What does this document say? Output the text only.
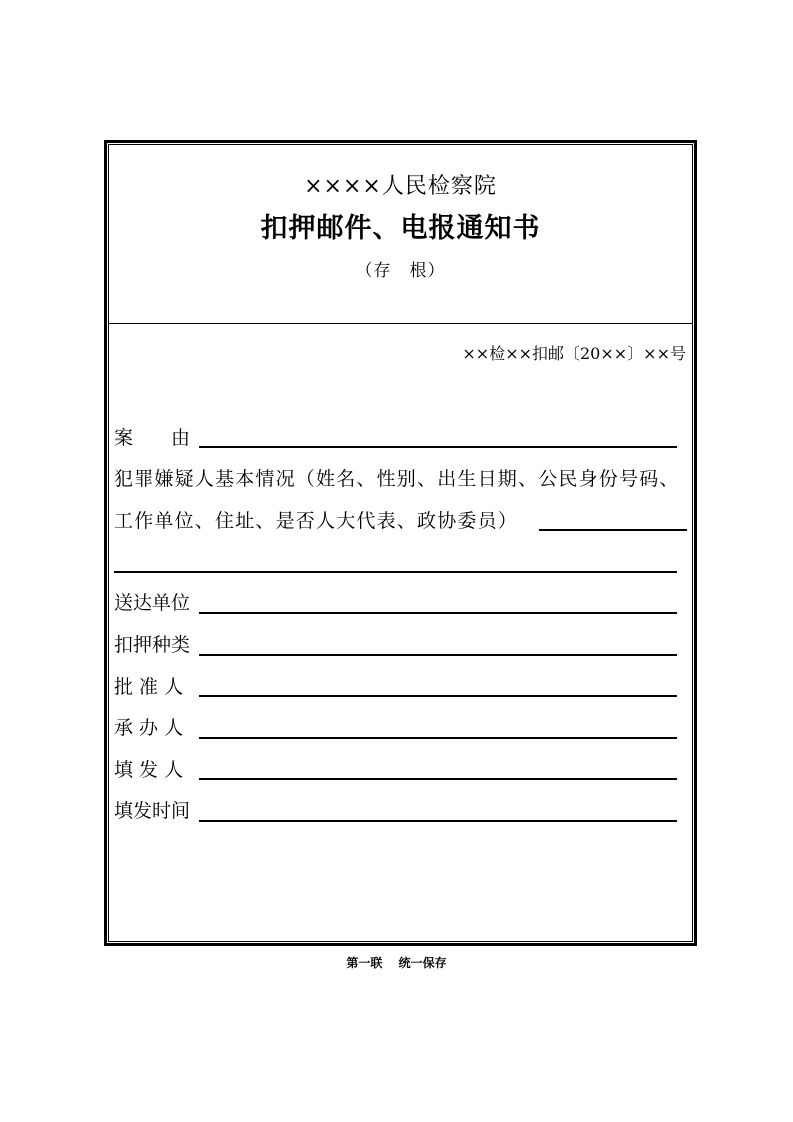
××××人民检察院
扣押邮件、电报通知书
（存　根）
××检××扣邮〔20××〕××号
案　　由
犯罪嫌疑人基本情况（姓名、性别、出生日期、公民身份号码、
工作单位、住址、是否人大代表、政协委员）
送达单位
扣押种类
批 准 人
承 办 人
填 发 人
填发时间
第一联　 统一保存
